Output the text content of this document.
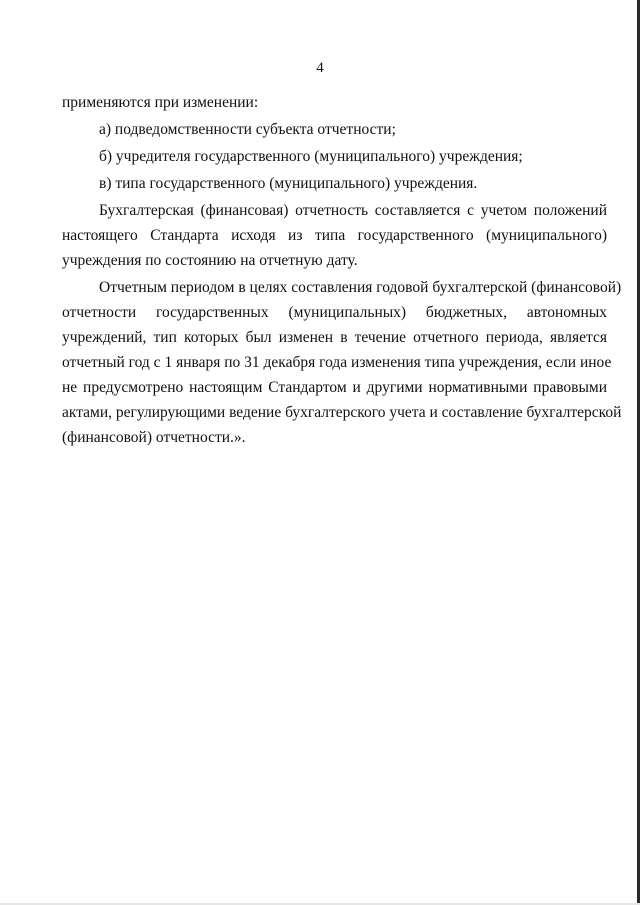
4

применяются при изменении:

а) подведомственности субъекта отчетности;

б) учредителя государственного (муниципального) учреждения;

в) типа государственного (муниципального) учреждения.

Бухгалтерская (финансовая) отчетность составляется с учетом положений

настоящего Стандарта исходя из типа государственного (муниципального)

учреждения по состоянию на отчетную дату.

Отчетным периодом в целях составления годовой бухгалтерской (финансовой)

отчетности государственных (муниципальных) бюджетных, автономных

учреждений, тип которых был изменен в течение отчетного периода, является

отчетный год с 1 января по 31 декабря года изменения типа учреждения, если иное

не предусмотрено настоящим Стандартом и другими нормативными правовыми

актами, регулирующими ведение бухгалтерского учета и составление бухгалтерской

(финансовой) отчетности.».
